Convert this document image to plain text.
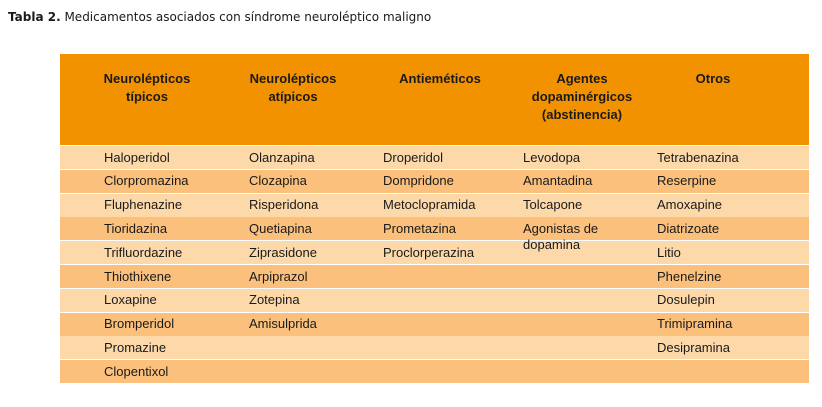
Tabla 2. Medicamentos asociados con síndrome neuroléptico maligno
Neurolépticos
típicos
Neurolépticos
atípicos
Antieméticos	Agentes
dopaminérgicos
(abstinencia)
Otros
Haloperidol
Clorpromazina
Fluphenazine
Tioridazina
Trifluordazine
Thiothixene
Loxapine
Bromperidol
Promazine
Clopentixol
Olanzapina
Clozapina
Risperidona
Quetiapina
Ziprasidone
Arpiprazol
Zotepina
Amisulprida
Droperidol
Dompridone
Metoclopramida
Prometazina
Proclorperazina
Levodopa
Amantadina
Tolcapone
Agonistas de dopamina
Tetrabenazina
Reserpine
Amoxapine
Diatrizoate
Litio
Phenelzine
Dosulepin
Trimipramina
Desipramina
